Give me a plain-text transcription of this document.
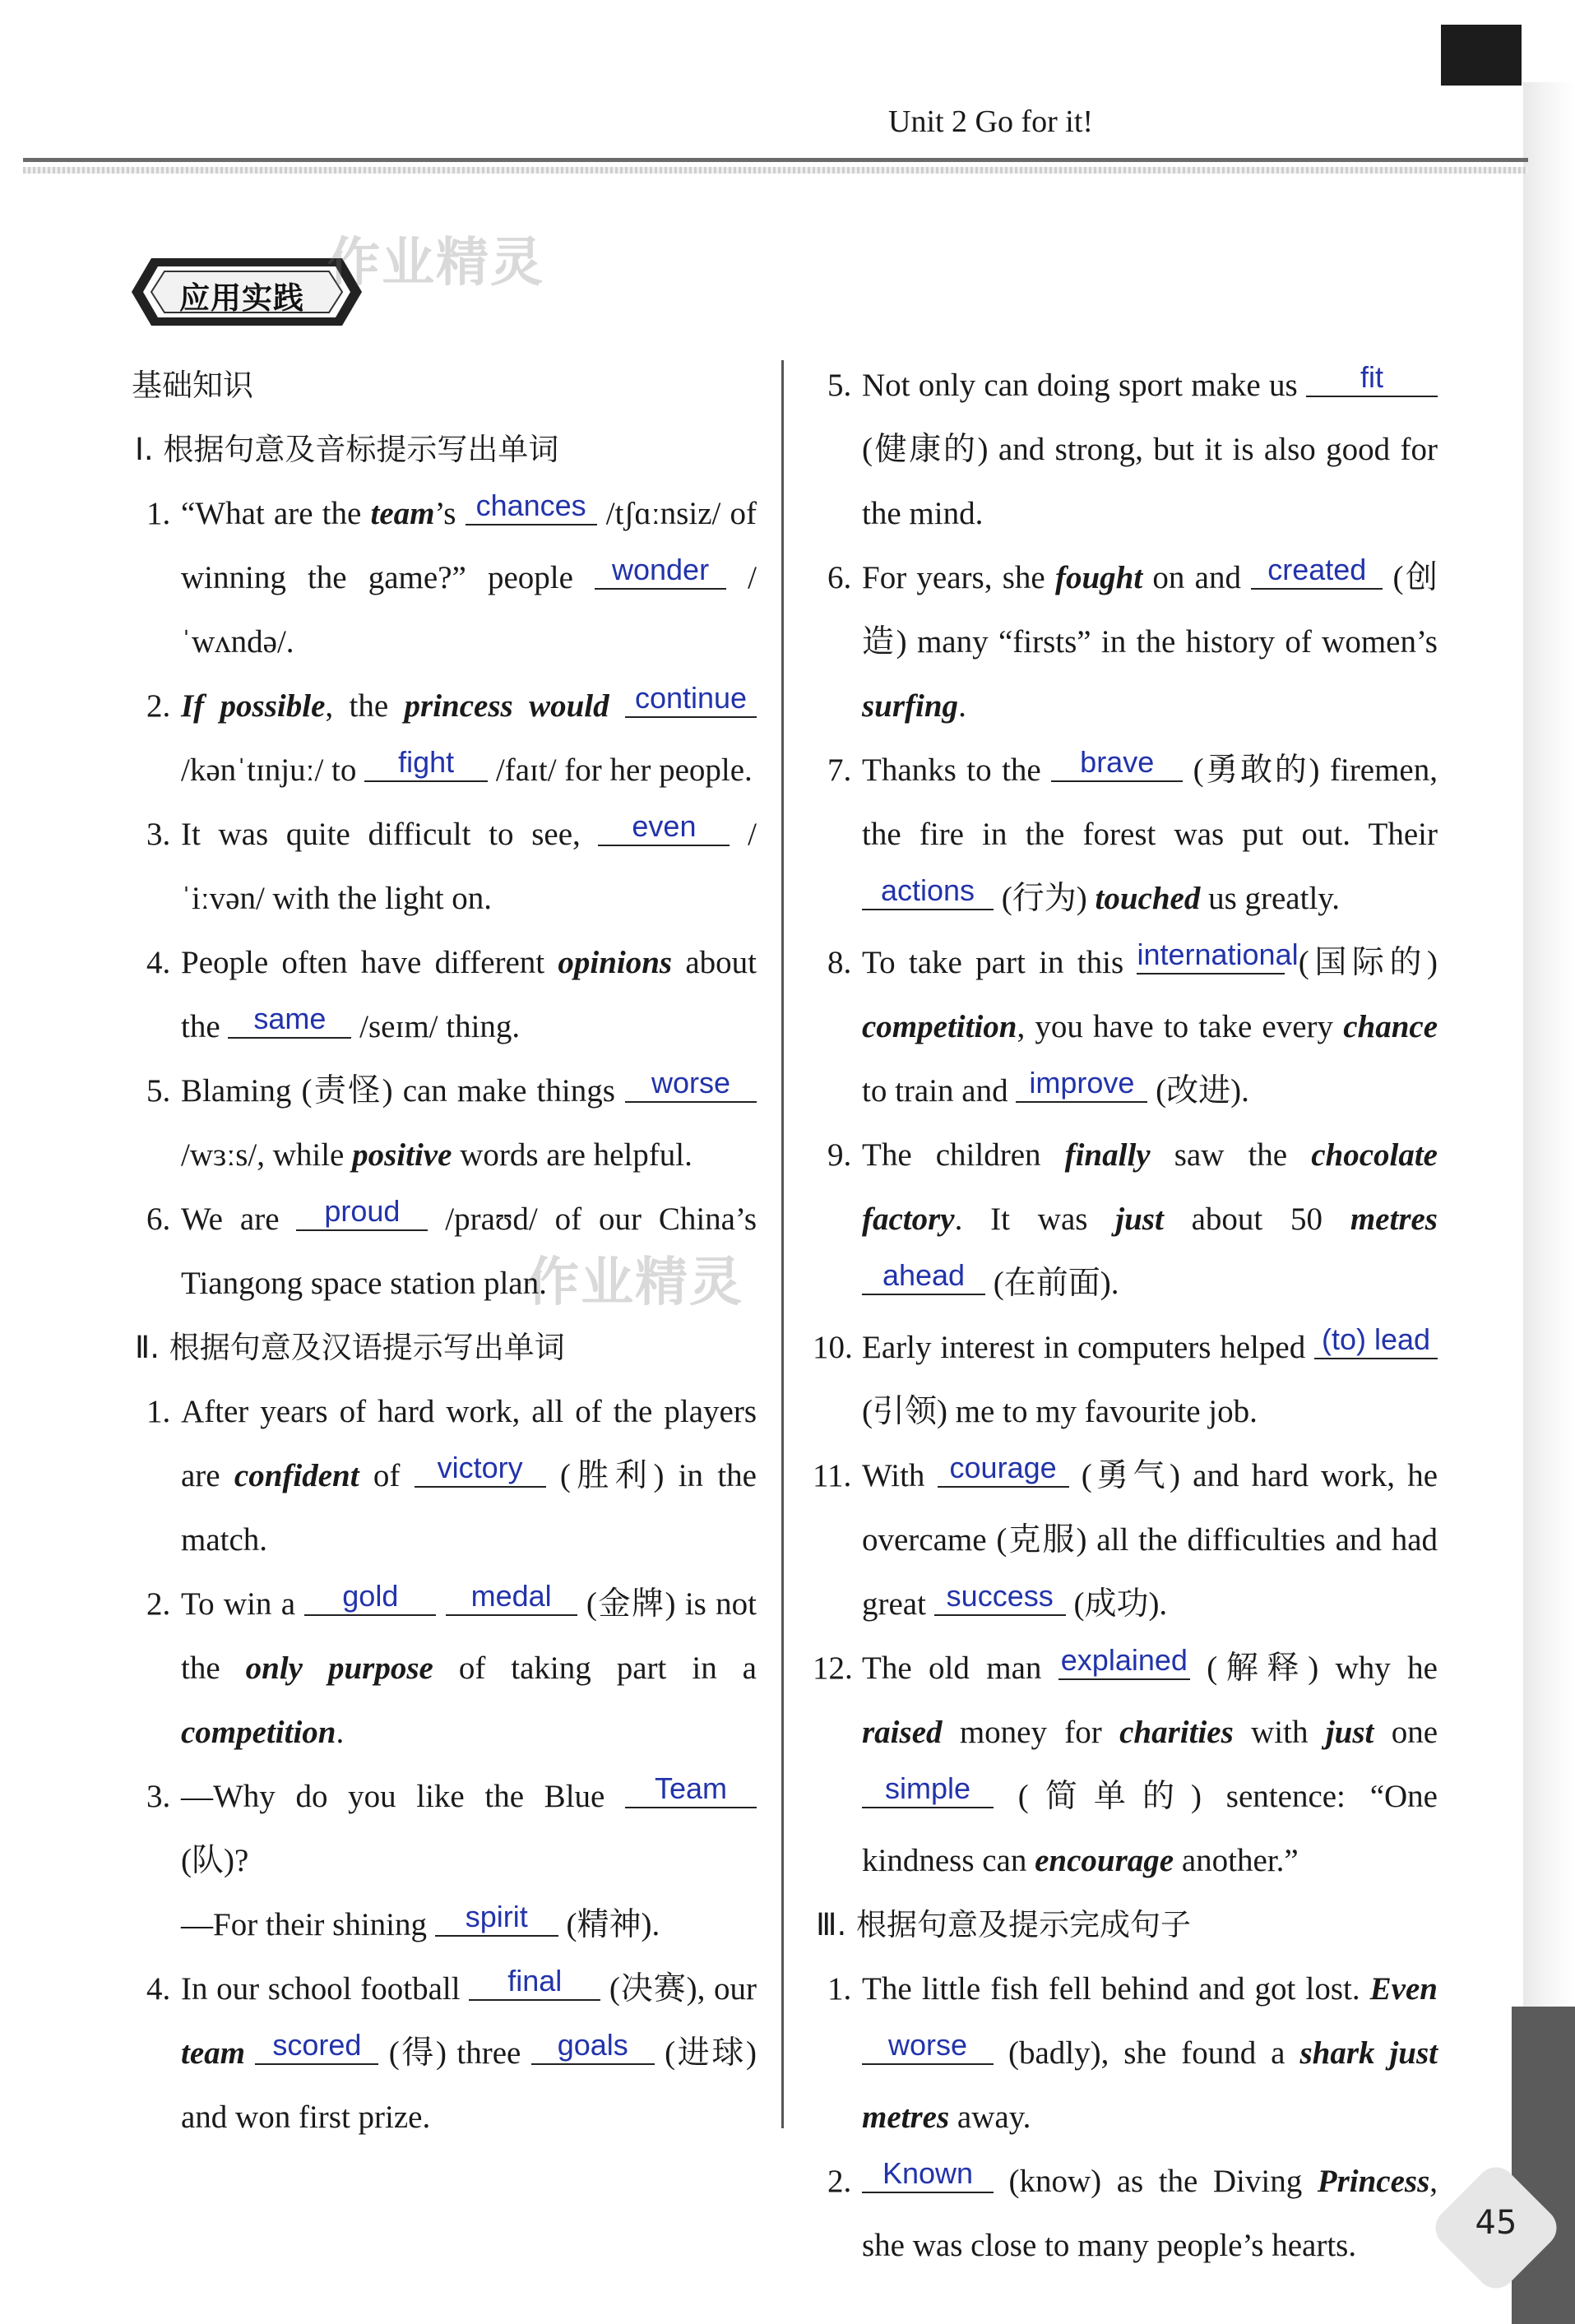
Unit 2 Go for it!
应用实践
作业精灵
作业精灵
基础知识
Ⅰ. 根据句意及音标提示写出单词
1. “What are the team’s chances /tʃɑːnsiz/ of winning the game?” people wonder /ˈwʌndə/.
2. If possible, the princess would continue /kənˈtɪnjuː/ to fight /faɪt/ for her people.
3. It was quite difficult to see, even /ˈiːvən/ with the light on.
4. People often have different opinions about the same /seɪm/ thing.
5. Blaming (责怪) can make things worse /wɜːs/, while positive words are helpful.
6. We are proud /praʊd/ of our China’s Tiangong space station plan.
Ⅱ. 根据句意及汉语提示写出单词
1. After years of hard work, all of the players are confident of victory (胜利) in the match.
2. To win a gold medal (金牌) is not the only purpose of taking part in a competition.
3. —Why do you like the Blue Team (队)?
—For their shining spirit (精神).
4. In our school football final (决赛), our team scored (得) three goals (进球) and won first prize.
5. Not only can doing sport make us fit (健康的) and strong, but it is also good for the mind.
6. For years, she fought on and created (创造) many “firsts” in the history of women’s surfing.
7. Thanks to the brave (勇敢的) firemen, the fire in the forest was put out. Their actions (行为) touched us greatly.
8. To take part in this international (国际的) competition, you have to take every chance to train and improve (改进).
9. The children finally saw the chocolate factory. It was just about 50 metres ahead (在前面).
10. Early interest in computers helped (to) lead (引领) me to my favourite job.
11. With courage (勇气) and hard work, he overcame (克服) all the difficulties and had great success (成功).
12. The old man explained (解释) why he raised money for charities with just one simple (简单的) sentence: “One kindness can encourage another.”
Ⅲ. 根据句意及提示完成句子
1. The little fish fell behind and got lost. Even worse (badly), she found a shark just metres away.
2. Known (know) as the Diving Princess, she was close to many people’s hearts.
45
